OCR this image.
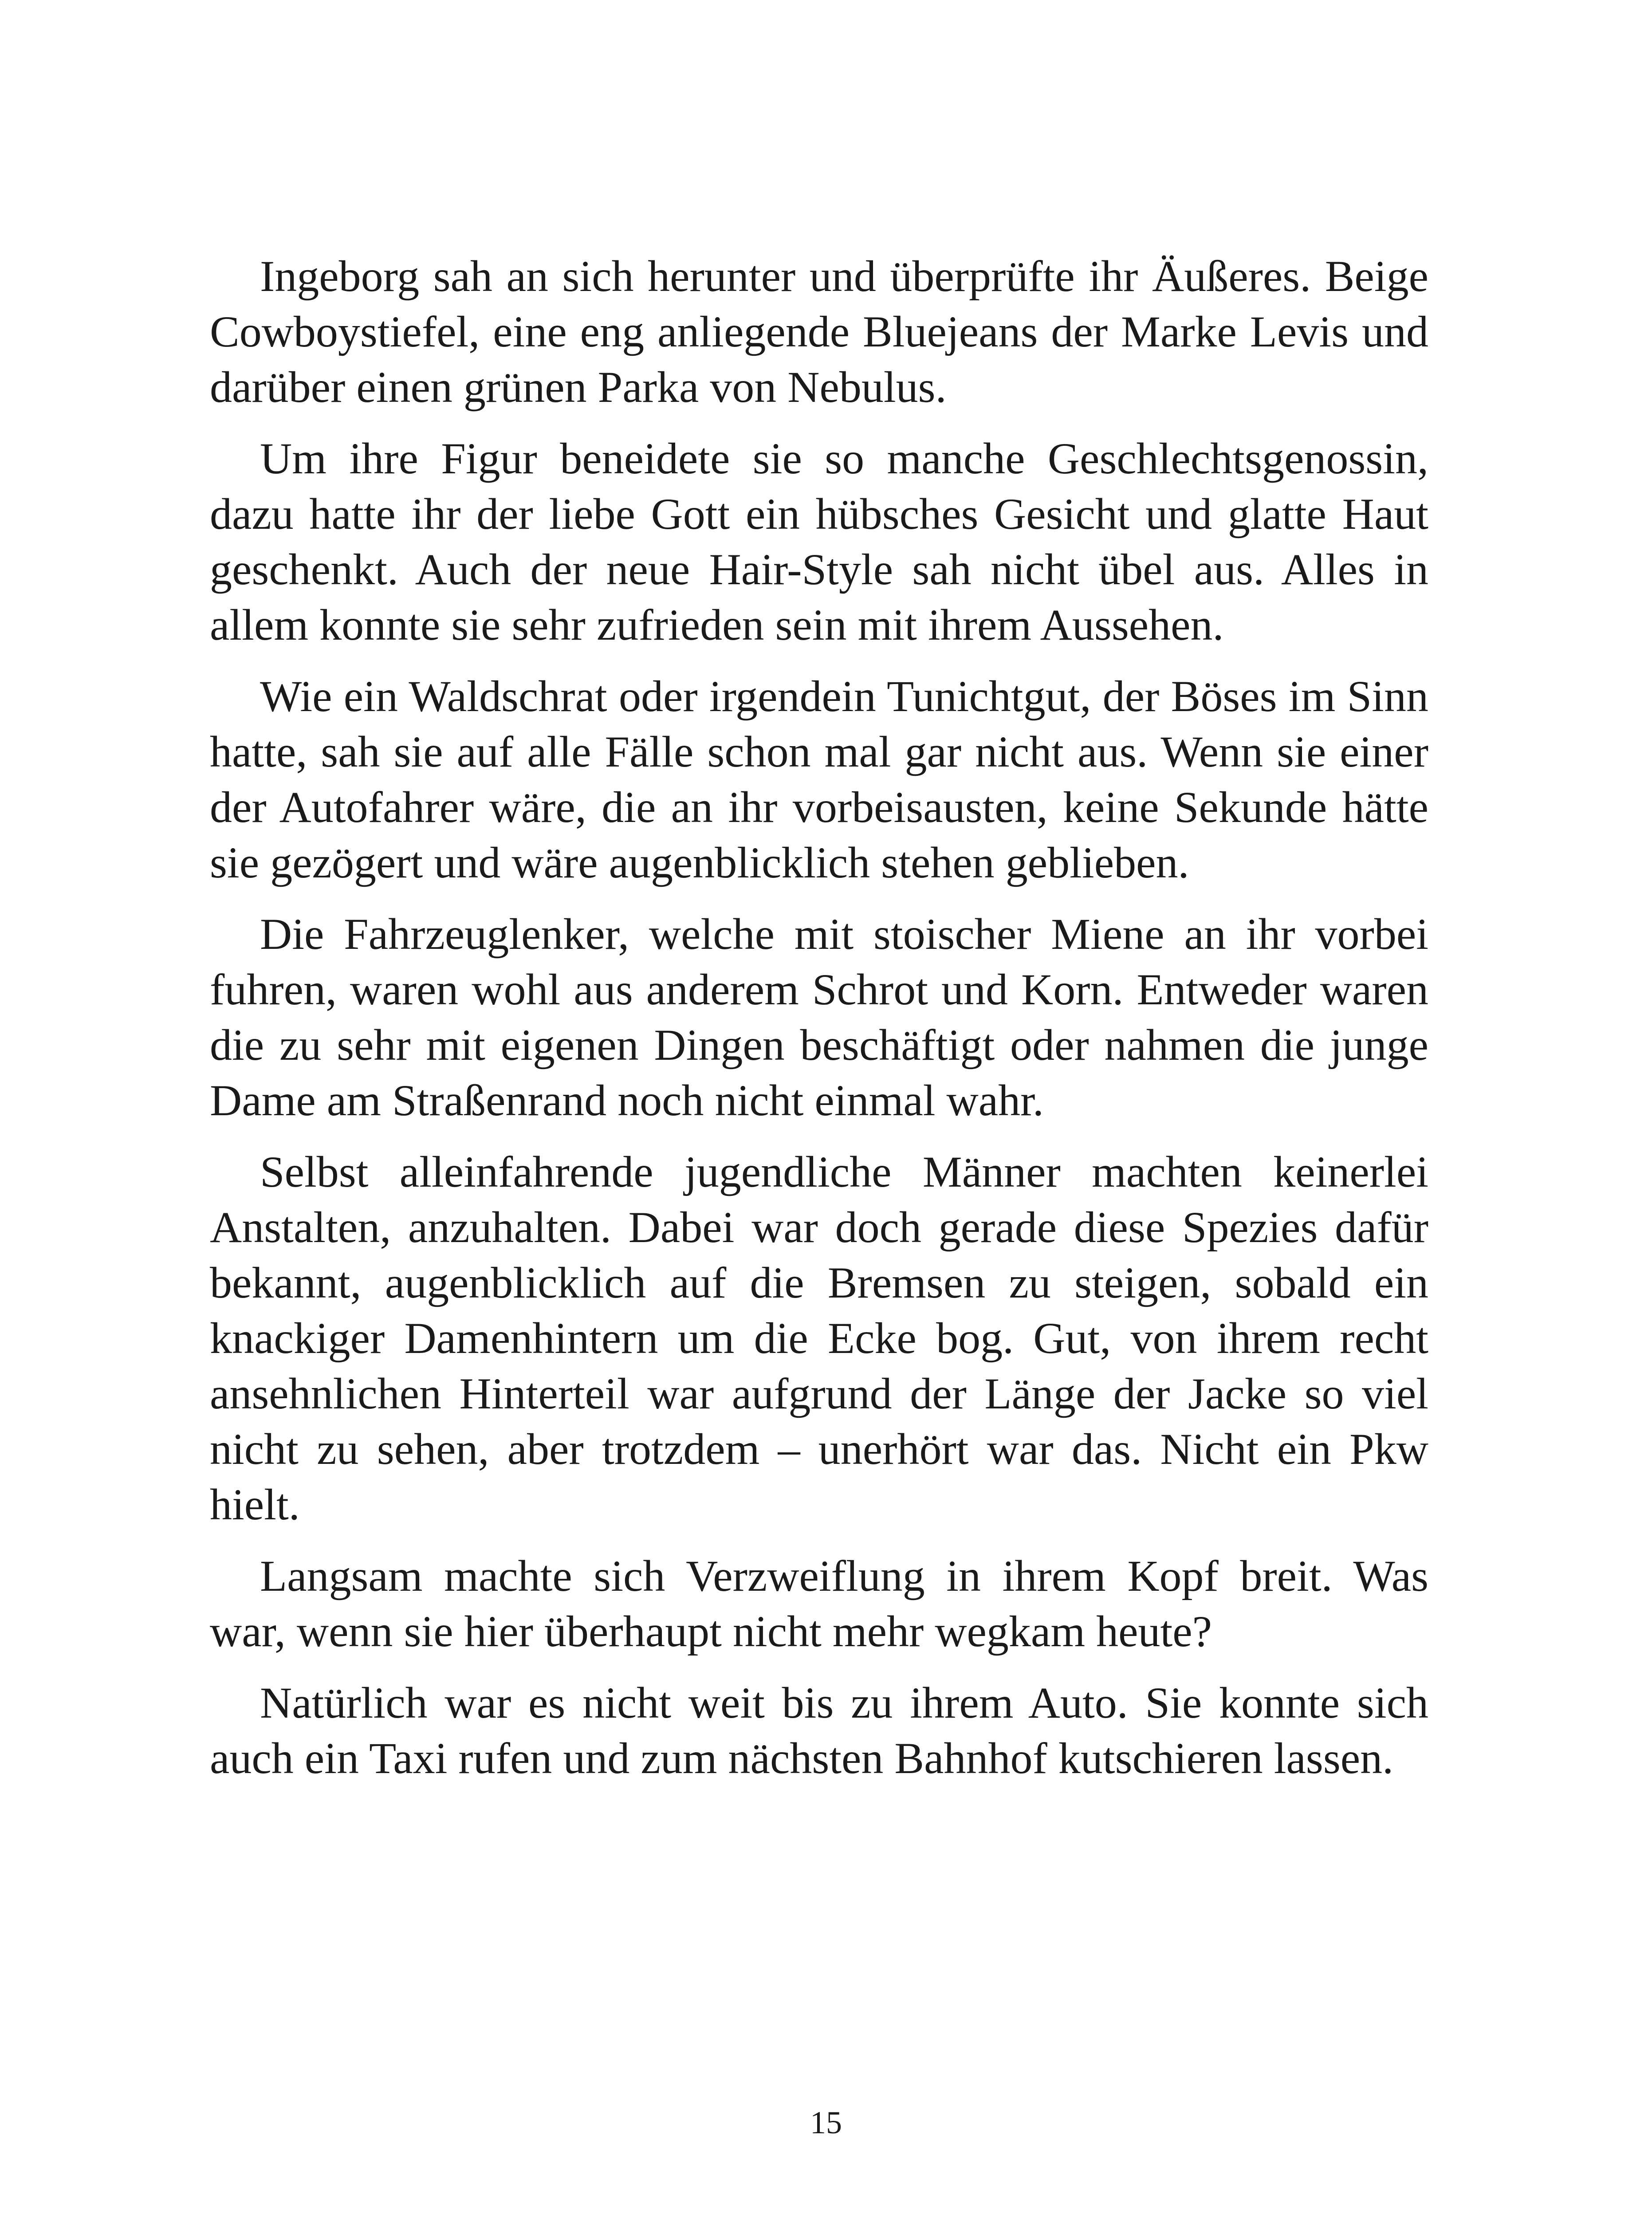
Ingeborg sah an sich herunter und überprüfte ihr Äußeres. Beige Cowboystiefel, eine eng anliegende Bluejeans der Marke Levis und darüber einen grünen Parka von Nebulus.

Um ihre Figur beneidete sie so manche Geschlechtsgenossin, dazu hatte ihr der liebe Gott ein hübsches Gesicht und glatte Haut geschenkt. Auch der neue Hair-Style sah nicht übel aus. Alles in allem konnte sie sehr zufrieden sein mit ihrem Aussehen.

Wie ein Waldschrat oder irgendein Tunichtgut, der Böses im Sinn hatte, sah sie auf alle Fälle schon mal gar nicht aus. Wenn sie einer der Autofahrer wäre, die an ihr vorbeisausten, keine Sekunde hätte sie gezögert und wäre augenblicklich stehen geblieben.

Die Fahrzeuglenker, welche mit stoischer Miene an ihr vorbei fuhren, waren wohl aus anderem Schrot und Korn. Entweder waren die zu sehr mit eigenen Dingen beschäftigt oder nahmen die junge Dame am Straßenrand noch nicht einmal wahr.

Selbst alleinfahrende jugendliche Männer machten keinerlei Anstalten, anzuhalten. Dabei war doch gerade diese Spezies dafür bekannt, augenblicklich auf die Bremsen zu steigen, sobald ein knackiger Damenhintern um die Ecke bog. Gut, von ihrem recht ansehnlichen Hinterteil war aufgrund der Länge der Jacke so viel nicht zu sehen, aber trotzdem – unerhört war das. Nicht ein Pkw hielt.

Langsam machte sich Verzweiflung in ihrem Kopf breit. Was war, wenn sie hier überhaupt nicht mehr wegkam heute?

Natürlich war es nicht weit bis zu ihrem Auto. Sie konnte sich auch ein Taxi rufen und zum nächsten Bahnhof kutschieren lassen.

15
